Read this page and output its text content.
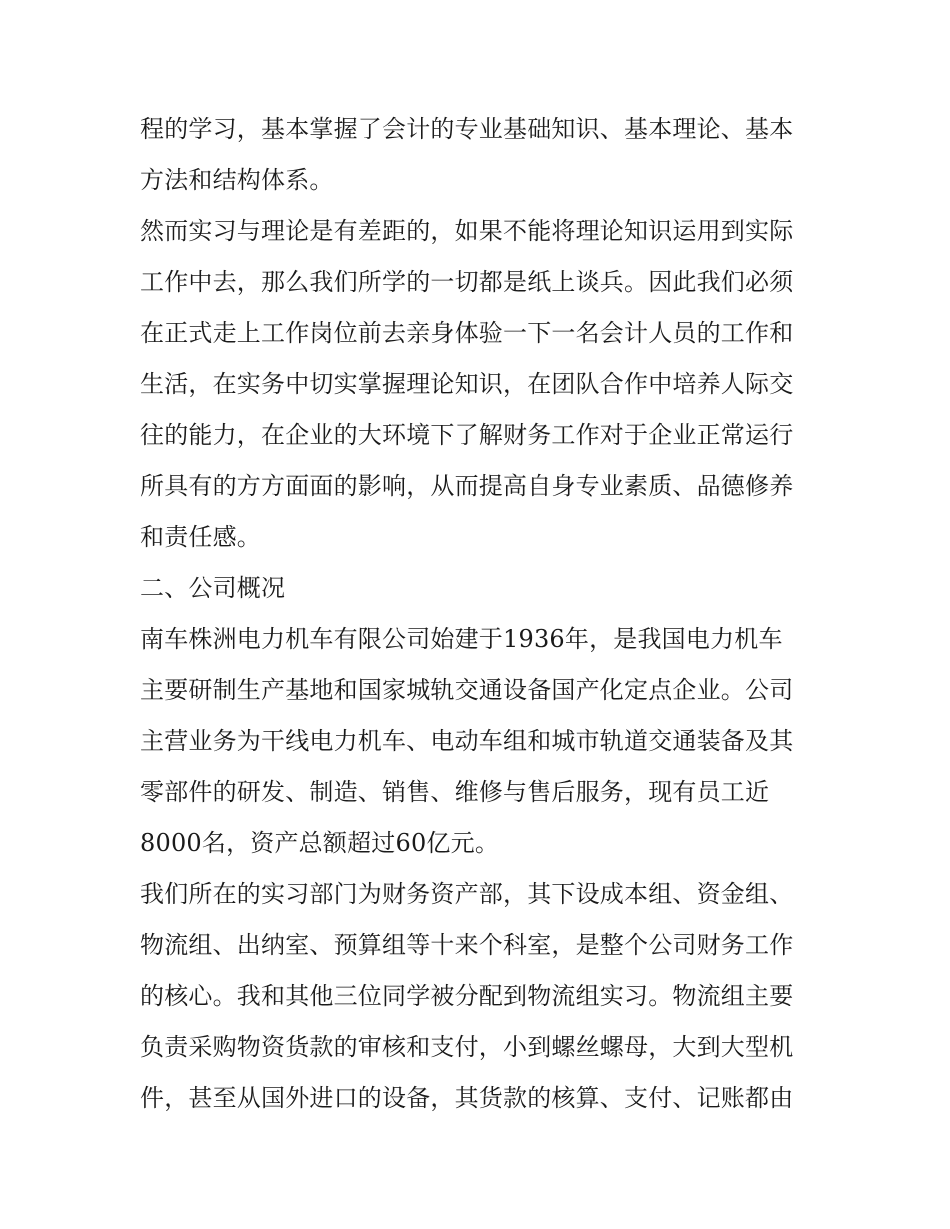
程的学习，基本掌握了会计的专业基础知识、基本理论、基本
方法和结构体系。
然而实习与理论是有差距的，如果不能将理论知识运用到实际
工作中去，那么我们所学的一切都是纸上谈兵。因此我们必须
在正式走上工作岗位前去亲身体验一下一名会计人员的工作和
生活，在实务中切实掌握理论知识，在团队合作中培养人际交
往的能力，在企业的大环境下了解财务工作对于企业正常运行
所具有的方方面面的影响，从而提高自身专业素质、品德修养
和责任感。
二、公司概况
南车株洲电力机车有限公司始建于1936年，是我国电力机车
主要研制生产基地和国家城轨交通设备国产化定点企业。公司
主营业务为干线电力机车、电动车组和城市轨道交通装备及其
零部件的研发、制造、销售、维修与售后服务，现有员工近
8000名，资产总额超过60亿元。
我们所在的实习部门为财务资产部，其下设成本组、资金组、
物流组、出纳室、预算组等十来个科室，是整个公司财务工作
的核心。我和其他三位同学被分配到物流组实习。物流组主要
负责采购物资货款的审核和支付，小到螺丝螺母，大到大型机
件，甚至从国外进口的设备，其货款的核算、支付、记账都由
